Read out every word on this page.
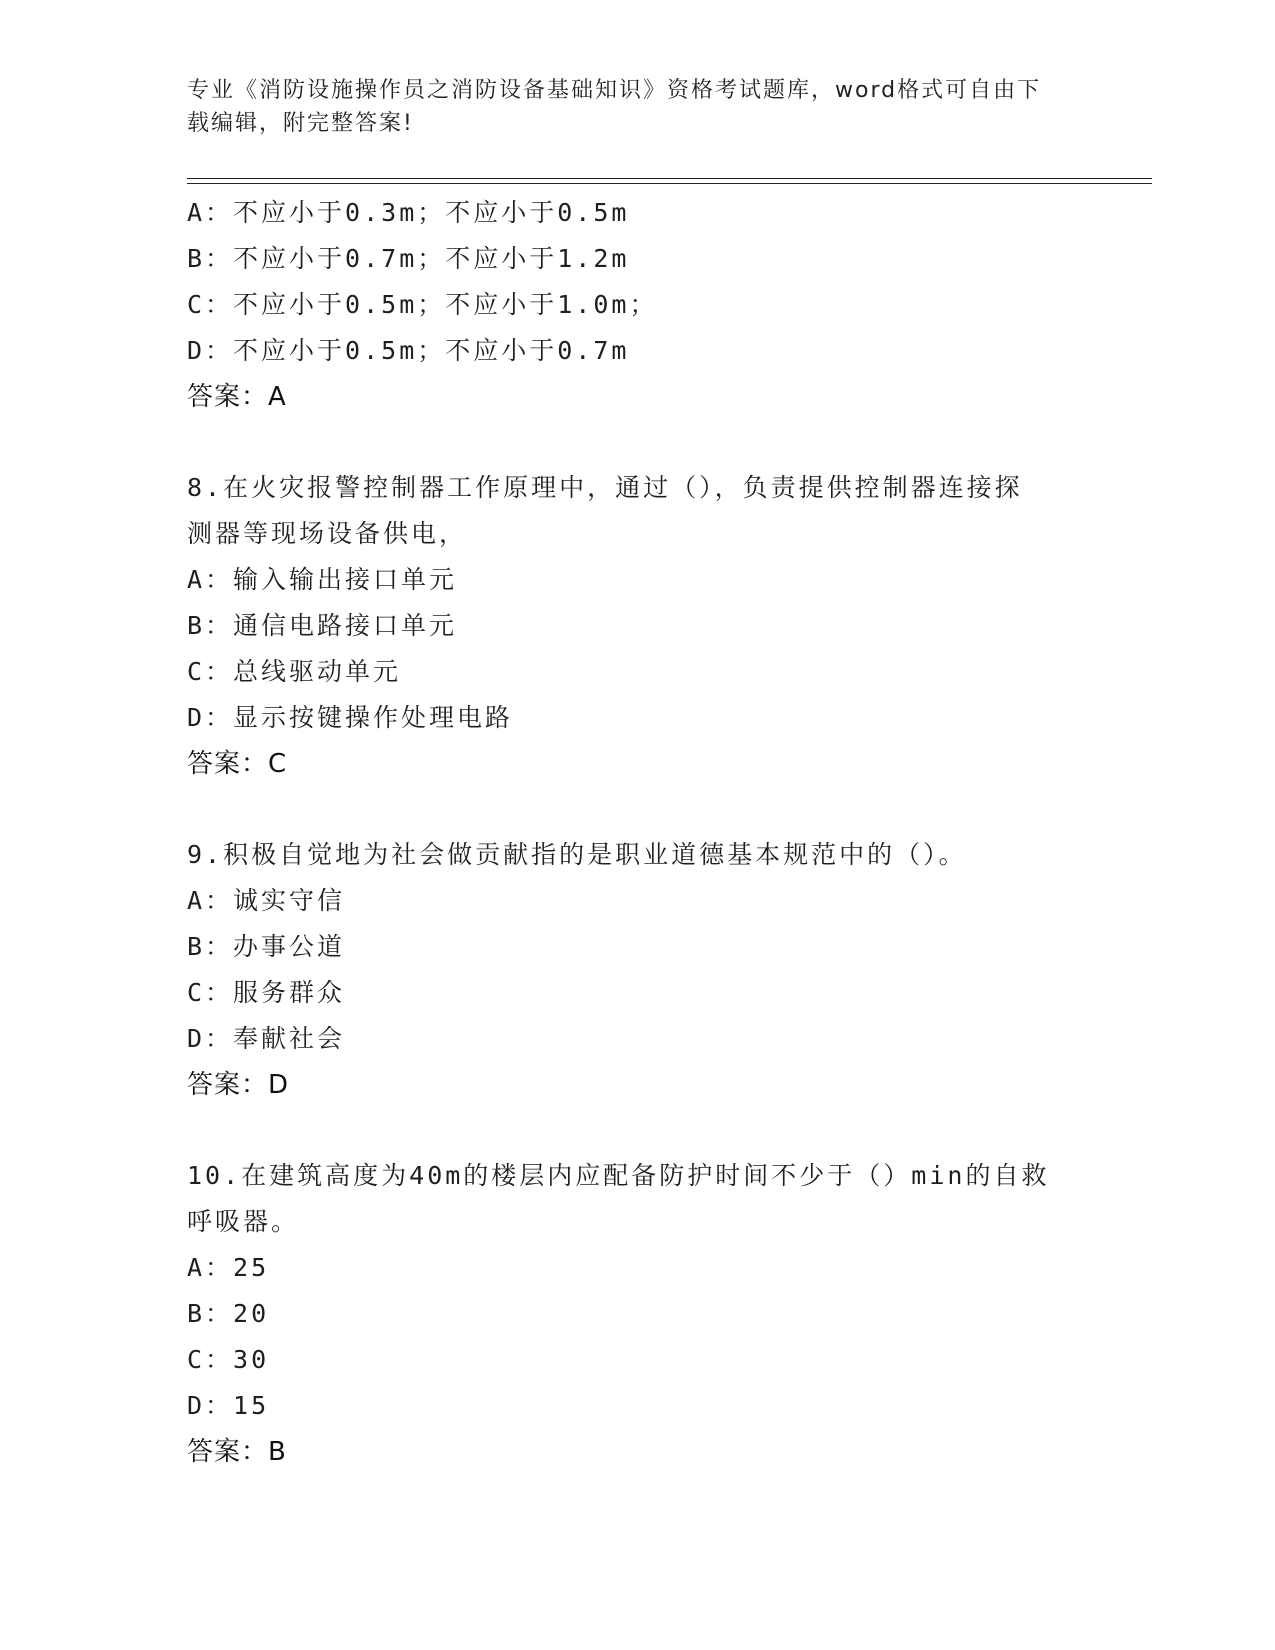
专业《消防设施操作员之消防设备基础知识》资格考试题库，word格式可自由下
载编辑，附完整答案!
A：不应小于0.3m；不应小于0.5m
B：不应小于0.7m；不应小于1.2m
C：不应小于0.5m；不应小于1.0m；
D：不应小于0.5m；不应小于0.7m
答案：A
8.在火灾报警控制器工作原理中，通过（），负责提供控制器连接探
测器等现场设备供电，
A：输入输出接口单元
B：通信电路接口单元
C：总线驱动单元
D：显示按键操作处理电路
答案：C
9.积极自觉地为社会做贡献指的是职业道德基本规范中的（）。
A：诚实守信
B：办事公道
C：服务群众
D：奉献社会
答案：D
10.在建筑高度为40m的楼层内应配备防护时间不少于（）min的自救
呼吸器。
A：25
B：20
C：30
D：15
答案：B
